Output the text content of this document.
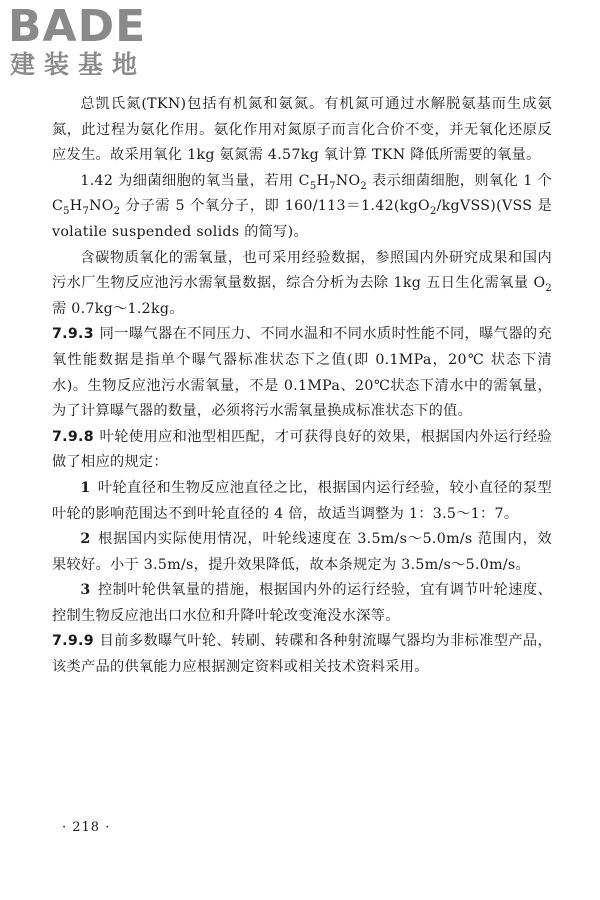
BADE
建装基地

总凯氏氮(TKN)包括有机氮和氨氮。有机氮可通过水解脱氨基而生成氨氮，此过程为氨化作用。氨化作用对氮原子而言化合价不变，并无氧化还原反应发生。故采用氧化 1kg 氨氮需 4.57kg 氧计算 TKN 降低所需要的氧量。

1.42 为细菌细胞的氧当量，若用 $C_5H_7NO_2$ 表示细菌细胞，则氧化 1 个 $C_5H_7NO_2$ 分子需 5 个氧分子，即 160/113＝1.42(kgO$_2$/kgVSS)(VSS 是 volatile suspended solids 的简写)。

含碳物质氧化的需氧量，也可采用经验数据，参照国内外研究成果和国内污水厂生物反应池污水需氧量数据，综合分析为去除 1kg 五日生化需氧量 $O_2$ 需 0.7kg～1.2kg。

7.9.3 同一曝气器在不同压力、不同水温和不同水质时性能不同，曝气器的充氧性能数据是指单个曝气器标准状态下之值(即 0.1MPa，20℃ 状态下清水)。生物反应池污水需氧量，不是 0.1MPa、20℃状态下清水中的需氧量，为了计算曝气器的数量，必须将污水需氧量换成标准状态下的值。

7.9.8 叶轮使用应和池型相匹配，才可获得良好的效果，根据国内外运行经验做了相应的规定：

1 叶轮直径和生物反应池直径之比，根据国内运行经验，较小直径的泵型叶轮的影响范围达不到叶轮直径的 4 倍，故适当调整为 1：3.5～1：7。

2 根据国内实际使用情况，叶轮线速度在 3.5m/s～5.0m/s 范围内，效果较好。小于 3.5m/s，提升效果降低，故本条规定为 3.5m/s～5.0m/s。

3 控制叶轮供氧量的措施，根据国内外的运行经验，宜有调节叶轮速度、控制生物反应池出口水位和升降叶轮改变淹没水深等。

7.9.9 目前多数曝气叶轮、转刷、转碟和各种射流曝气器均为非标准型产品，该类产品的供氧能力应根据测定资料或相关技术资料采用。

· 218 ·
